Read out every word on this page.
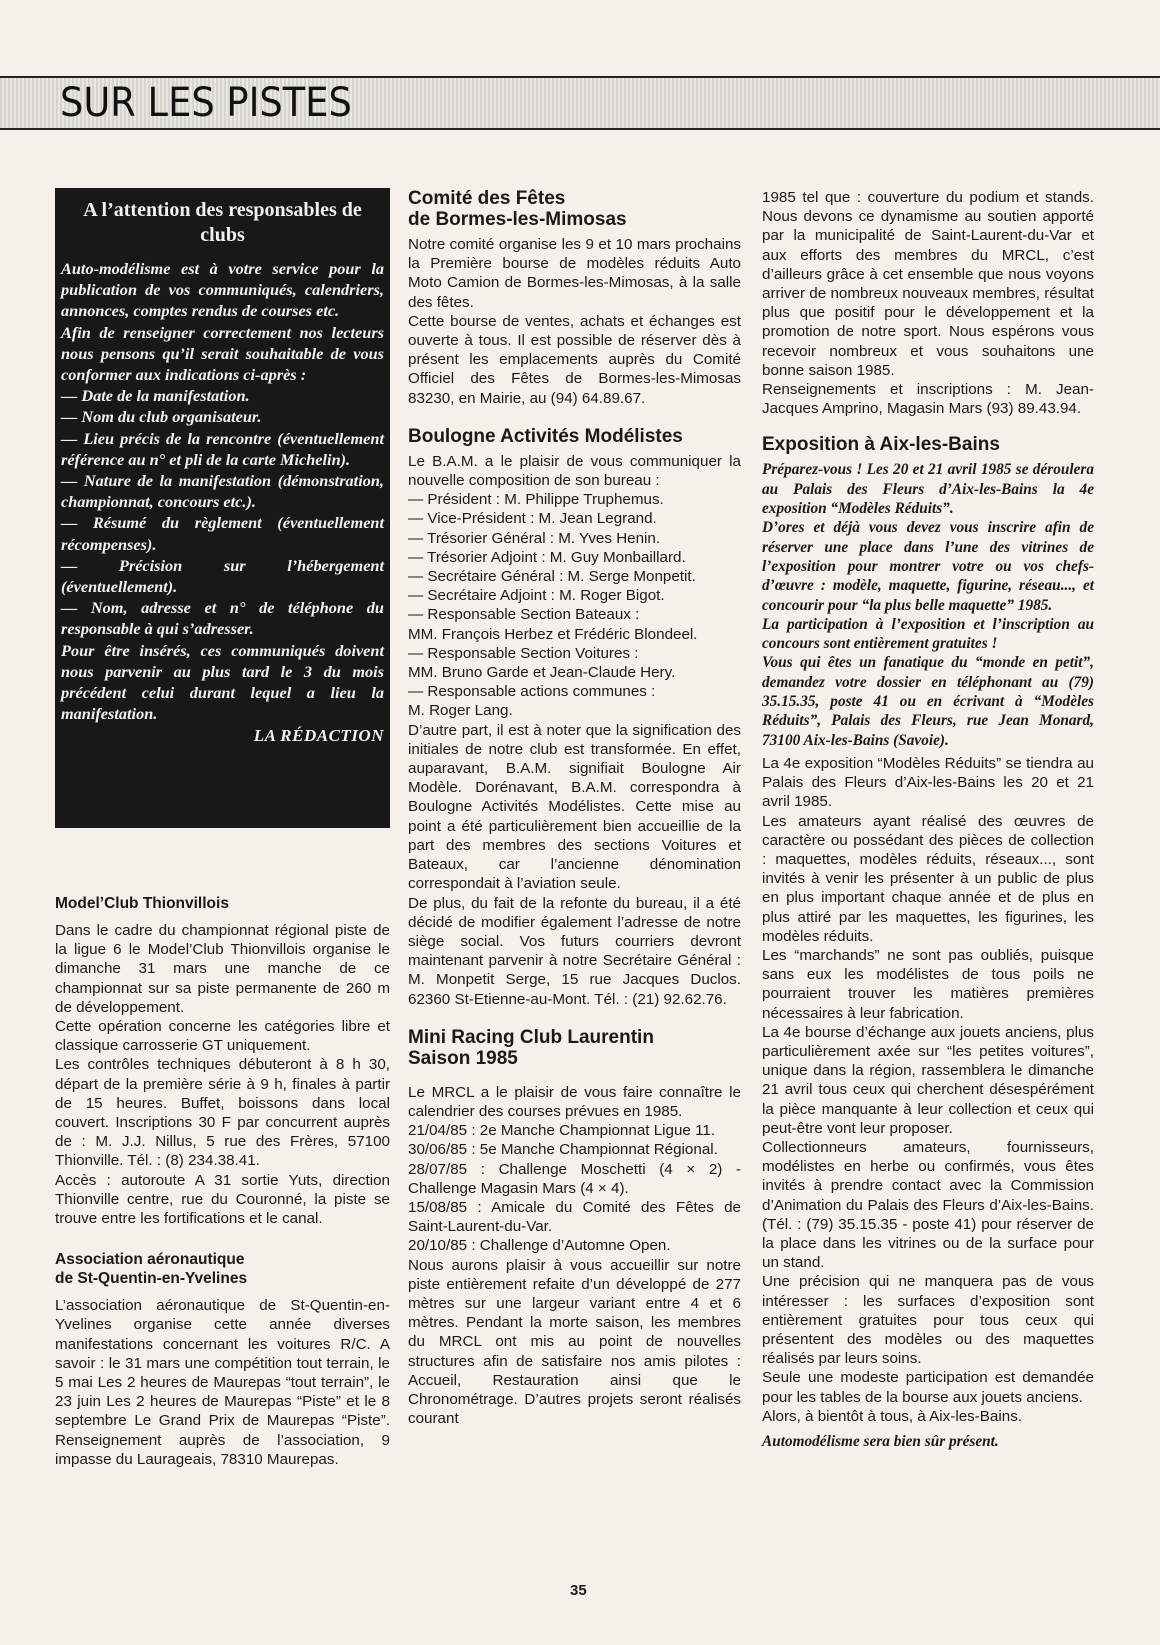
SUR LES PISTES

A l’attention des responsables de clubs

Auto-modélisme est à votre service pour la publication de vos communiqués, calendriers, annonces, comptes rendus de courses etc.

Afin de renseigner correctement nos lecteurs nous pensons qu’il serait souhaitable de vous conformer aux indications ci-après :

— Date de la manifestation.

— Nom du club organisateur.

— Lieu précis de la rencontre (éventuellement référence au n° et pli de la carte Michelin).

— Nature de la manifestation (démonstration, championnat, concours etc.).

— Résumé du règlement (éventuellement récompenses).

— Précision sur l’hébergement (éventuellement).

— Nom, adresse et n° de téléphone du responsable à qui s’adresser.

Pour être insérés, ces communiqués doivent nous parvenir au plus tard le 3 du mois précédent celui durant lequel a lieu la manifestation.

LA RÉDACTION

Model’Club Thionvillois

Dans le cadre du championnat régional piste de la ligue 6 le Model’Club Thionvillois organise le dimanche 31 mars une manche de ce championnat sur sa piste permanente de 260 m de développement.

Cette opération concerne les catégories libre et classique carrosserie GT uniquement.

Les contrôles techniques débuteront à 8 h 30, départ de la première série à 9 h, finales à partir de 15 heures. Buffet, boissons dans local couvert. Inscriptions 30 F par concurrent auprès de : M. J.J. Nillus, 5 rue des Frères, 57100 Thionville. Tél. : (8) 234.38.41.

Accès : autoroute A 31 sortie Yuts, direction Thionville centre, rue du Couronné, la piste se trouve entre les fortifications et le canal.

Association aéronautique

de St-Quentin-en-Yvelines

L’association aéronautique de St-Quentin-en-Yvelines organise cette année diverses manifestations concernant les voitures R/C. A savoir : le 31 mars une compétition tout terrain, le 5 mai Les 2 heures de Maurepas “tout terrain”, le 23 juin Les 2 heures de Maurepas “Piste” et le 8 septembre Le Grand Prix de Maurepas “Piste”. Renseignement auprès de l’association, 9 impasse du Laurageais, 78310 Maurepas.

Comité des Fêtes

de Bormes-les-Mimosas

Notre comité organise les 9 et 10 mars prochains la Première bourse de modèles réduits Auto Moto Camion de Bormes-les-Mimosas, à la salle des fêtes.

Cette bourse de ventes, achats et échanges est ouverte à tous. Il est possible de réserver dès à présent les emplacements auprès du Comité Officiel des Fêtes de Bormes-les-Mimosas 83230, en Mairie, au (94) 64.89.67.

Boulogne Activités Modélistes

Le B.A.M. a le plaisir de vous communiquer la nouvelle composition de son bureau :

— Président : M. Philippe Truphemus.
— Vice-Président : M. Jean Legrand.
— Trésorier Général : M. Yves Henin.
— Trésorier Adjoint : M. Guy Monbaillard.
— Secrétaire Général : M. Serge Monpetit.
— Secrétaire Adjoint : M. Roger Bigot.
— Responsable Section Bateaux :
MM. François Herbez et Frédéric Blondeel.
— Responsable Section Voitures :
MM. Bruno Garde et Jean-Claude Hery.
— Responsable actions communes :
M. Roger Lang.

D’autre part, il est à noter que la signification des initiales de notre club est transformée. En effet, auparavant, B.A.M. signifiait Boulogne Air Modèle. Dorénavant, B.A.M. correspondra à Boulogne Activités Modélistes. Cette mise au point a été particulièrement bien accueillie de la part des membres des sections Voitures et Bateaux, car l’ancienne dénomination correspondait à l’aviation seule.

De plus, du fait de la refonte du bureau, il a été décidé de modifier également l’adresse de notre siège social. Vos futurs courriers devront maintenant parvenir à notre Secrétaire Général : M. Monpetit Serge, 15 rue Jacques Duclos. 62360 St-Etienne-au-Mont. Tél. : (21) 92.62.76.

Mini Racing Club Laurentin

Saison 1985

Le MRCL a le plaisir de vous faire connaître le calendrier des courses prévues en 1985.

21/04/85 : 2e Manche Championnat Ligue 11.

30/06/85 : 5e Manche Championnat Régional.

28/07/85 : Challenge Moschetti (4 × 2) - Challenge Magasin Mars (4 × 4).

15/08/85 : Amicale du Comité des Fêtes de Saint-Laurent-du-Var.

20/10/85 : Challenge d’Automne Open.

Nous aurons plaisir à vous accueillir sur notre piste entièrement refaite d’un développé de 277 mètres sur une largeur variant entre 4 et 6 mètres. Pendant la morte saison, les membres du MRCL ont mis au point de nouvelles structures afin de satisfaire nos amis pilotes : Accueil, Restauration ainsi que le Chronométrage. D’autres projets seront réalisés courant

1985 tel que : couverture du podium et stands. Nous devons ce dynamisme au soutien apporté par la municipalité de Saint-Laurent-du-Var et aux efforts des membres du MRCL, c’est d’ailleurs grâce à cet ensemble que nous voyons arriver de nombreux nouveaux membres, résultat plus que positif pour le développement et la promotion de notre sport. Nous espérons vous recevoir nombreux et vous souhaitons une bonne saison 1985.

Renseignements et inscriptions : M. Jean-Jacques Amprino, Magasin Mars (93) 89.43.94.

Exposition à Aix-les-Bains

Préparez-vous ! Les 20 et 21 avril 1985 se déroulera au Palais des Fleurs d’Aix-les-Bains la 4e exposition “Modèles Réduits”.

D’ores et déjà vous devez vous inscrire afin de réserver une place dans l’une des vitrines de l’exposition pour montrer votre ou vos chefs-d’œuvre : modèle, maquette, figurine, réseau..., et concourir pour “la plus belle maquette” 1985.

La participation à l’exposition et l’inscription au concours sont entièrement gratuites !

Vous qui êtes un fanatique du “monde en petit”, demandez votre dossier en téléphonant au (79) 35.15.35, poste 41 ou en écrivant à “Modèles Réduits”, Palais des Fleurs, rue Jean Monard, 73100 Aix-les-Bains (Savoie).

La 4e exposition “Modèles Réduits” se tiendra au Palais des Fleurs d’Aix-les-Bains les 20 et 21 avril 1985.

Les amateurs ayant réalisé des œuvres de caractère ou possédant des pièces de collection : maquettes, modèles réduits, réseaux..., sont invités à venir les présenter à un public de plus en plus important chaque année et de plus en plus attiré par les maquettes, les figurines, les modèles réduits.

Les “marchands” ne sont pas oubliés, puisque sans eux les modélistes de tous poils ne pourraient trouver les matières premières nécessaires à leur fabrication.

La 4e bourse d’échange aux jouets anciens, plus particulièrement axée sur “les petites voitures”, unique dans la région, rassemblera le dimanche 21 avril tous ceux qui cherchent désespérément la pièce manquante à leur collection et ceux qui peut-être vont leur proposer.

Collectionneurs amateurs, fournisseurs, modélistes en herbe ou confirmés, vous êtes invités à prendre contact avec la Commission d’Animation du Palais des Fleurs d’Aix-les-Bains. (Tél. : (79) 35.15.35 - poste 41) pour réserver de la place dans les vitrines ou de la surface pour un stand.

Une précision qui ne manquera pas de vous intéresser : les surfaces d’exposition sont entièrement gratuites pour tous ceux qui présentent des modèles ou des maquettes réalisés par leurs soins.

Seule une modeste participation est demandée pour les tables de la bourse aux jouets anciens.

Alors, à bientôt à tous, à Aix-les-Bains.

Automodélisme sera bien sûr présent.

35
